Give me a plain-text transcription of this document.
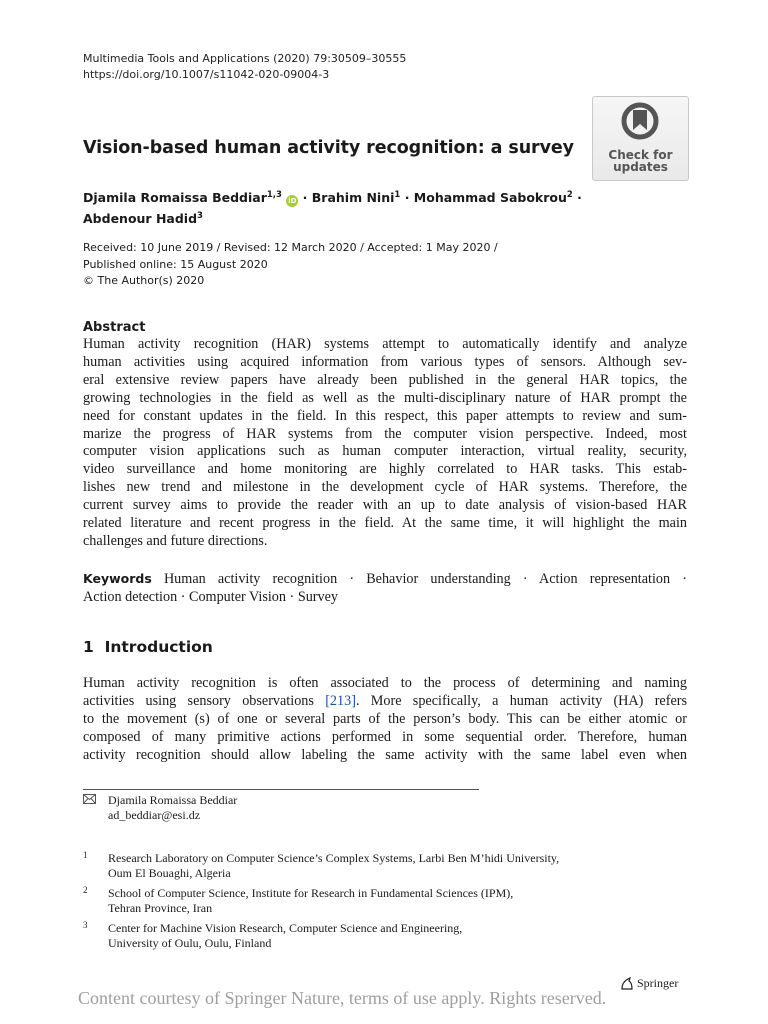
Multimedia Tools and Applications (2020) 79:30509–30555
https://doi.org/10.1007/s11042-020-09004-3
Check for
updates
Vision-based human activity recognition: a survey
Djamila Romaissa Beddiar$^{1,3}$ iD · Brahim Nini$^1$ · Mohammad Sabokrou$^2$ ·
Abdenour Hadid$^3$
Received: 10 June 2019 / Revised: 12 March 2020 / Accepted: 1 May 2020 /
Published online: 15 August 2020
© The Author(s) 2020
Abstract
Human activity recognition (HAR) systems attempt to automatically identify and analyze
human activities using acquired information from various types of sensors. Although sev-
eral extensive review papers have already been published in the general HAR topics, the
growing technologies in the field as well as the multi-disciplinary nature of HAR prompt the
need for constant updates in the field. In this respect, this paper attempts to review and sum-
marize the progress of HAR systems from the computer vision perspective. Indeed, most
computer vision applications such as human computer interaction, virtual reality, security,
video surveillance and home monitoring are highly correlated to HAR tasks. This estab-
lishes new trend and milestone in the development cycle of HAR systems. Therefore, the
current survey aims to provide the reader with an up to date analysis of vision-based HAR
related literature and recent progress in the field. At the same time, it will highlight the main
challenges and future directions.
Keywords Human activity recognition · Behavior understanding · Action representation ·
Action detection · Computer Vision · Survey
1 Introduction
Human activity recognition is often associated to the process of determining and naming
activities using sensory observations [213]. More specifically, a human activity (HA) refers
to the movement (s) of one or several parts of the person’s body. This can be either atomic or
composed of many primitive actions performed in some sequential order. Therefore, human
activity recognition should allow labeling the same activity with the same label even when
Djamila Romaissa Beddiar
ad_beddiar@esi.dz
1 Research Laboratory on Computer Science’s Complex Systems, Larbi Ben M’hidi University,
Oum El Bouaghi, Algeria
2 School of Computer Science, Institute for Research in Fundamental Sciences (IPM),
Tehran Province, Iran
3 Center for Machine Vision Research, Computer Science and Engineering,
University of Oulu, Oulu, Finland
Springer
Content courtesy of Springer Nature, terms of use apply. Rights reserved.
